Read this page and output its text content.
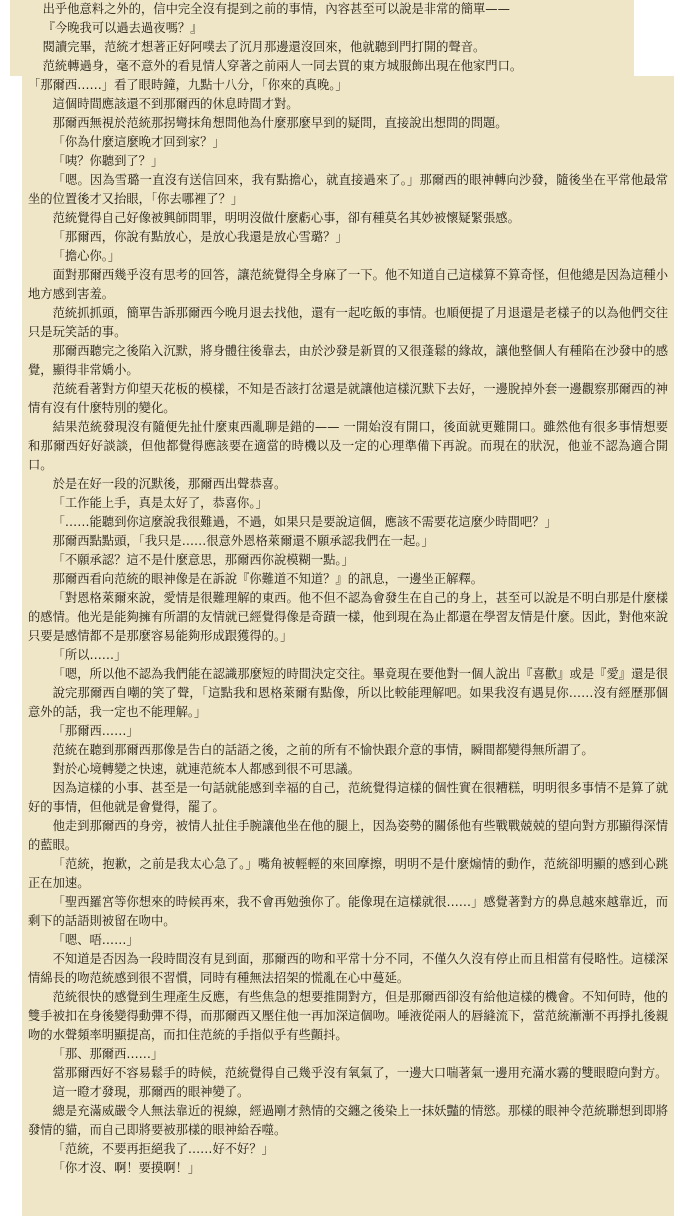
出乎他意料之外的，信中完全沒有提到之前的事情，內容甚至可以說是非常的簡單——

『今晚我可以過去過夜嗎？』

閱讀完畢，范統才想著正好阿噗去了沉月那邊還沒回來，他就聽到門打開的聲音。

范統轉過身，毫不意外的看見情人穿著之前兩人一同去買的東方城服飾出現在他家門口。

「那爾西……」看了眼時鐘，九點十八分，「你來的真晚。」

這個時間應該還不到那爾西的休息時間才對。

那爾西無視於范統那拐彎抹角想問他為什麼那麼早到的疑問，直接說出想問的問題。

「你為什麼這麼晚才回到家？」

「咦？你聽到了？」

「嗯。因為雪璐一直沒有送信回來，我有點擔心，就直接過來了。」那爾西的眼神轉向沙發，隨後坐在平常他最常坐的位置後才又抬眼，「你去哪裡了？」

范統覺得自己好像被興師問罪，明明沒做什麼虧心事，卻有種莫名其妙被懷疑緊張感。

「那爾西，你說有點放心，是放心我還是放心雪璐？」

「擔心你。」

面對那爾西幾乎沒有思考的回答，讓范統覺得全身麻了一下。他不知道自己這樣算不算奇怪，但他總是因為這種小地方感到害羞。

范統抓抓頭，簡單告訴那爾西今晚月退去找他，還有一起吃飯的事情。也順便提了月退還是老樣子的以為他們交往只是玩笑話的事。

那爾西聽完之後陷入沉默，將身體往後靠去，由於沙發是新買的又很蓬鬆的緣故，讓他整個人有種陷在沙發中的感覺，顯得非常嬌小。

范統看著對方仰望天花板的模樣，不知是否該打岔還是就讓他這樣沉默下去好，一邊脫掉外套一邊觀察那爾西的神情有沒有什麼特別的變化。

結果范統發現沒有隨便先扯什麼東西亂聊是錯的—— 一開始沒有開口，後面就更難開口。雖然他有很多事情想要和那爾西好好談談，但他都覺得應該要在適當的時機以及一定的心理準備下再說。而現在的狀況，他並不認為適合開口。

於是在好一段的沉默後，那爾西出聲恭喜。

「工作能上手，真是太好了，恭喜你。」

「……能聽到你這麼說我很難過，不過，如果只是要說這個，應該不需要花這麼少時間吧？」

那爾西點點頭，「我只是……很意外恩格萊爾還不願承認我們在一起。」

「不願承認？這不是什麼意思，那爾西你說模糊一點。」

那爾西看向范統的眼神像是在訴說『你難道不知道？』的訊息，一邊坐正解釋。

「對恩格萊爾來說，愛情是很難理解的東西。他不但不認為會發生在自己的身上，甚至可以說是不明白那是什麼樣的感情。他光是能夠擁有所謂的友情就已經覺得像是奇蹟一樣，他到現在為止都還在學習友情是什麼。因此，對他來說只要是感情都不是那麼容易能夠形成跟獲得的。」

「所以……」

「嗯，所以他不認為我們能在認識那麼短的時間決定交往。畢竟現在要他對一個人說出『喜歡』或是『愛』還是很

說完那爾西自嘲的笑了聲，「這點我和恩格萊爾有點像，所以比較能理解吧。如果我沒有遇見你……沒有經歷那個意外的話，我一定也不能理解。」

「那爾西……」

范統在聽到那爾西那像是告白的話語之後，之前的所有不愉快跟介意的事情，瞬間都變得無所謂了。

對於心境轉變之快速，就連范統本人都感到很不可思議。

因為這樣的小事、甚至是一句話就能感到幸福的自己，范統覺得這樣的個性實在很糟糕，明明很多事情不是算了就好的事情，但他就是會覺得，罷了。

他走到那爾西的身旁，被情人扯住手腕讓他坐在他的腿上，因為姿勢的關係他有些戰戰兢兢的望向對方那顯得深情的藍眼。

「范統，抱歉，之前是我太心急了。」嘴角被輕輕的來回摩擦，明明不是什麼煽情的動作，范統卻明顯的感到心跳正在加速。

「聖西羅宮等你想來的時候再來，我不會再勉強你了。能像現在這樣就很……」感覺著對方的鼻息越來越靠近，而剩下的話語則被留在吻中。

「嗯、唔……」

不知道是否因為一段時間沒有見到面，那爾西的吻和平常十分不同，不僅久久沒有停止而且相當有侵略性。這樣深情綿長的吻范統感到很不習慣，同時有種無法招架的慌亂在心中蔓延。

范統很快的感覺到生理產生反應，有些焦急的想要推開對方，但是那爾西卻沒有給他這樣的機會。不知何時，他的雙手被扣在身後變得動彈不得，而那爾西又壓住他一再加深這個吻。唾液從兩人的唇縫流下，當范統漸漸不再掙扎後親吻的水聲頻率明顯提高，而扣住范統的手指似乎有些顫抖。

「那、那爾西……」

當那爾西好不容易鬆手的時候，范統覺得自己幾乎沒有氧氣了，一邊大口喘著氣一邊用充滿水霧的雙眼瞪向對方。

這一瞪才發現，那爾西的眼神變了。

總是充滿威嚴令人無法靠近的視線，經過剛才熱情的交纏之後染上一抹妖豔的情慾。那樣的眼神令范統聯想到即將發情的貓，而自己即將要被那樣的眼神給吞噬。

「范統，不要再拒絕我了……好不好？」

「你才沒、啊！要摸啊！」
